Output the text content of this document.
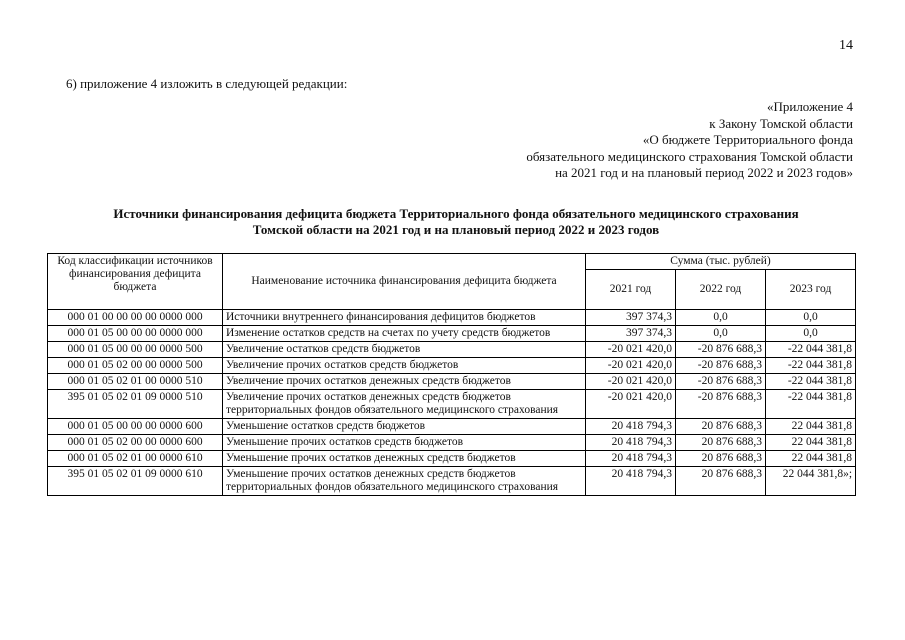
14
6) приложение 4 изложить в следующей редакции:
«Приложение 4
к Закону Томской области
«О бюджете Территориального фонда
обязательного медицинского страхования Томской области
на 2021 год и на плановый период 2022 и 2023 годов»
Источники финансирования дефицита бюджета Территориального фонда обязательного медицинского страхования
Томской области на 2021 год и на плановый период 2022 и 2023 годов
Код классификации источников финансирования дефицита бюджета	Наименование источника финансирования дефицита бюджета	Сумма (тыс. рублей)		
		2021 год	2022 год	2023 год
000 01 00 00 00 00 0000 000	Источники внутреннего финансирования дефицитов бюджетов	397 374,3	0,0	0,0
000 01 05 00 00 00 0000 000	Изменение остатков средств на счетах по учету средств бюджетов	397 374,3	0,0	0,0
000 01 05 00 00 00 0000 500	Увеличение остатков средств бюджетов	-20 021 420,0	-20 876 688,3	-22 044 381,8
000 01 05 02 00 00 0000 500	Увеличение прочих остатков средств бюджетов	-20 021 420,0	-20 876 688,3	-22 044 381,8
000 01 05 02 01 00 0000 510	Увеличение прочих остатков денежных средств бюджетов	-20 021 420,0	-20 876 688,3	-22 044 381,8
395 01 05 02 01 09 0000 510	Увеличение прочих остатков денежных средств бюджетов территориальных фондов обязательного медицинского страхования	-20 021 420,0	-20 876 688,3	-22 044 381,8
000 01 05 00 00 00 0000 600	Уменьшение остатков средств бюджетов	20 418 794,3	20 876 688,3	22 044 381,8
000 01 05 02 00 00 0000 600	Уменьшение прочих остатков средств бюджетов	20 418 794,3	20 876 688,3	22 044 381,8
000 01 05 02 01 00 0000 610	Уменьшение прочих остатков денежных средств бюджетов	20 418 794,3	20 876 688,3	22 044 381,8
395 01 05 02 01 09 0000 610	Уменьшение прочих остатков денежных средств бюджетов территориальных фондов обязательного медицинского страхования	20 418 794,3	20 876 688,3	22 044 381,8»;
